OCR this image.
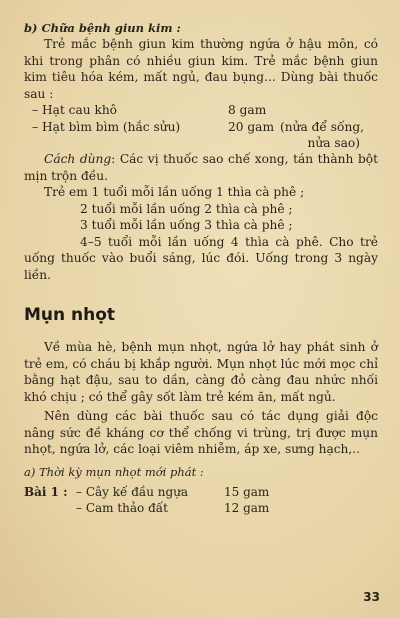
b) Chữa bệnh giun kim :

Trẻ mắc bệnh giun kim thường ngứa ở hậu môn, có khi trong phân có nhiều giun kim. Trẻ mắc bệnh giun kim tiêu hóa kém, mất ngủ, đau bụng... Dùng bài thuốc sau :

– Hạt cau khô	8 gam
– Hạt bìm bìm (hắc sửu)	20 gam (nửa để sống,

nửa sao)

Cách dùng: Các vị thuốc sao chế xong, tán thành bột mịn trộn đều.

Trẻ em 1 tuổi mỗi lần uống 1 thìa cà phê ;

2 tuổi mỗi lần uống 2 thìa cà phê ;

3 tuổi mỗi lần uống 3 thìa cà phê ;

4–5 tuổi mỗi lần uống 4 thìa cà phê. Cho trẻ uống thuốc vào buổi sáng, lúc đói. Uống trong 3 ngày liền.

Mụn nhọt

Về mùa hè, bệnh mụn nhọt, ngứa lở hay phát sinh ở trẻ em, có cháu bị khắp người. Mụn nhọt lúc mới mọc chỉ bằng hạt đậu, sau to dần, càng đỏ càng đau nhức nhối khó chịu ; có thể gây sốt làm trẻ kém ăn, mất ngủ.

Nên dùng các bài thuốc sau có tác dụng giải độc nâng sức đề kháng cơ thể chống vi trùng, trị được mụn nhọt, ngứa lở, các loại viêm nhiễm, áp xe, sưng hạch,..

a) Thời kỳ mụn nhọt mới phát :

Bài 1 : – Cây kế đầu ngựa	15 gam
– Cam thảo đất	12 gam
33
